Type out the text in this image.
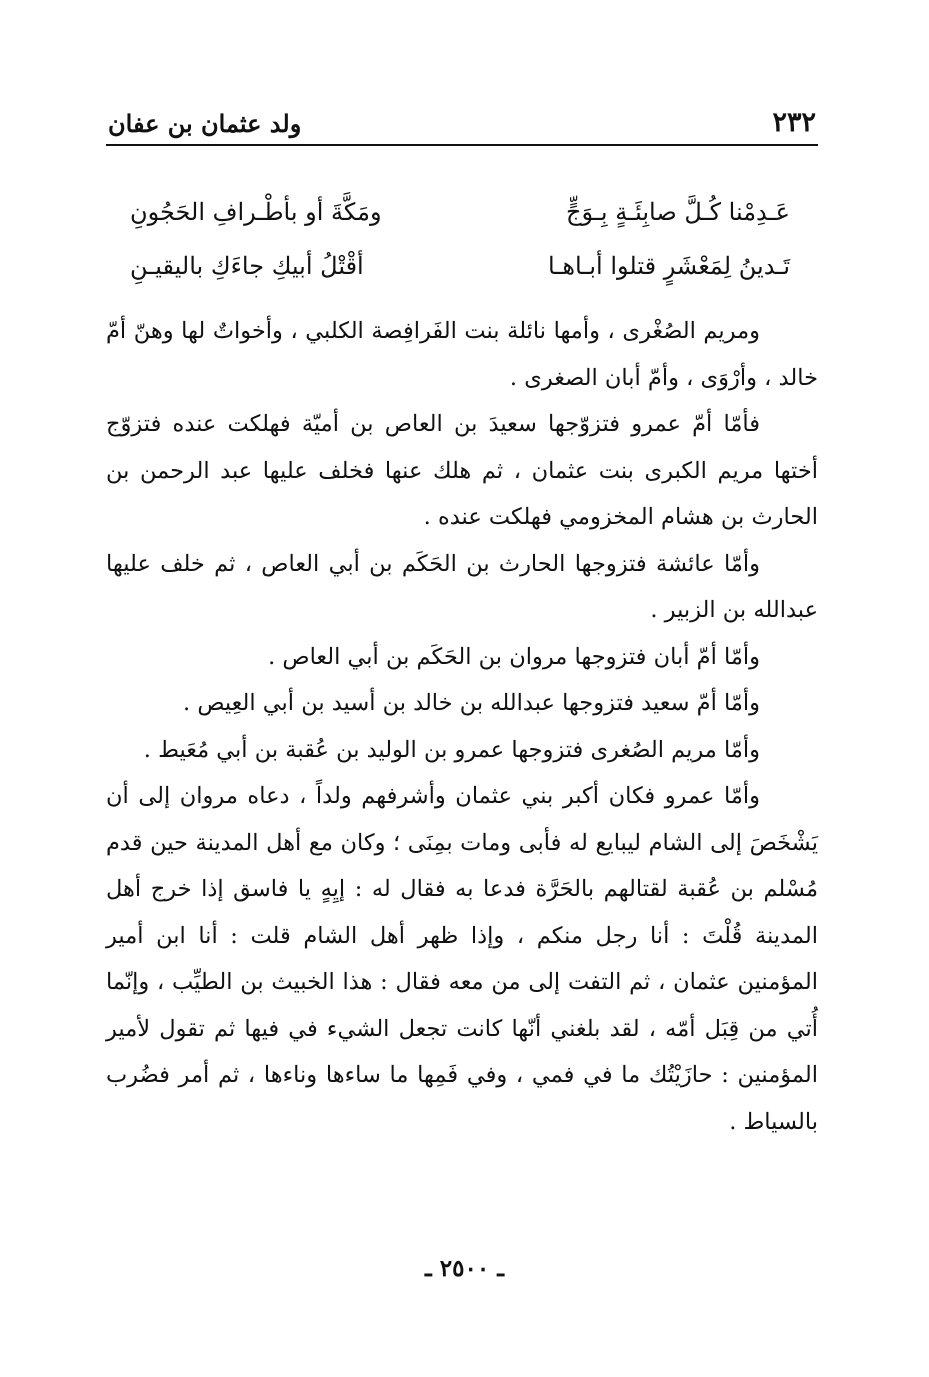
٢٣٢
ولد عثمان بن عفان
عَـدِمْنا كُـلَّ صابِئَـةٍ بِـوَجٍّ
ومَكَّةَ أو بأطْـرافِ الحَجُونِ
تَـدينُ لِمَعْشَرٍ قتلوا أبـاهـا
أقْتْلُ أبيكِ جاءَكِ باليقيـنِ

ومريم الصُغْرى ، وأمها نائلة بنت الفَرافِصة الكلبي ، وأخواتٌ لها وهنّ أمّ خالد ، وأرْوَى ، وأمّ أبان الصغرى .

فأمّا أمّ عمرو فتزوّجها سعيدَ بن العاص بن أميّة فهلكت عنده فتزوّج أختها مريم الكبرى بنت عثمان ، ثم هلك عنها فخلف عليها عبد الرحمن بن الحارث بن هشام المخزومي فهلكت عنده .

وأمّا عائشة فتزوجها الحارث بن الحَكَم بن أبي العاص ، ثم خلف عليها عبدالله بن الزبير .

وأمّا أمّ أبان فتزوجها مروان بن الحَكَم بن أبي العاص .

وأمّا أمّ سعيد فتزوجها عبدالله بن خالد بن أسيد بن أبي العِيص .

وأمّا مريم الصُغرى فتزوجها عمرو بن الوليد بن عُقبة بن أبي مُعَيط .

وأمّا عمرو فكان أكبر بني عثمان وأشرفهم ولداً ، دعاه مروان إلى أن يَشْخَصَ إلى الشام ليبايع له فأبى ومات بمِنَى ؛ وكان مع أهل المدينة حين قدم مُسْلم بن عُقبة لقتالهم بالحَرَّة فدعا به فقال له : إيِهٍ يا فاسق إذا خرج أهل المدينة قُلْتَ : أنا رجل منكم ، وإذا ظهر أهل الشام قلت : أنا ابن أمير المؤمنين عثمان ، ثم التفت إلى من معه فقال : هذا الخبيث بن الطيِّب ، وإنّما أُتي من قِبَل أمّه ، لقد بلغني أنّها كانت تجعل الشيء في فيها ثم تقول لأمير المؤمنين : حازَيْتُك ما في فمي ، وفي فَمِها ما ساءها وناءها ، ثم أمر فضُرب بالسياط .

ـ ٢٥٠٠ ـ
